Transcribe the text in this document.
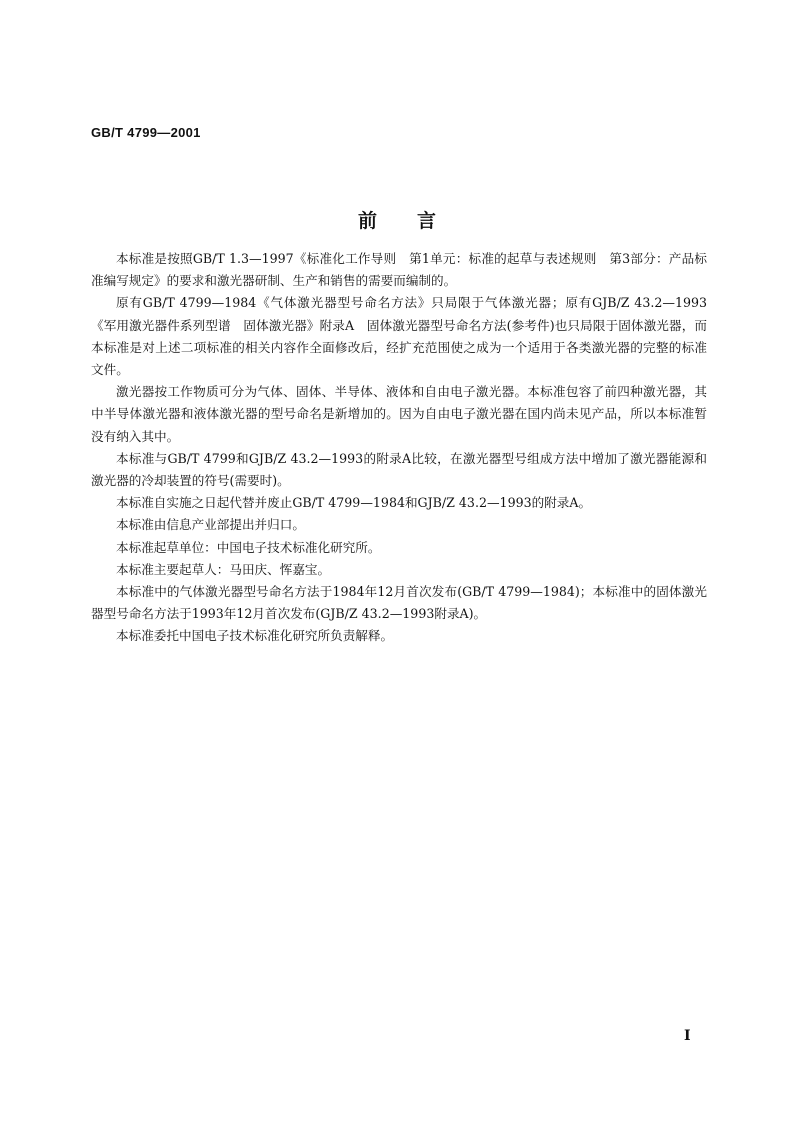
GB/T 4799—2001
前 言

本标准是按照GB/T 1.3—1997《标准化工作导则　第1单元：标准的起草与表述规则　第3部分：产品标准编写规定》的要求和激光器研制、生产和销售的需要而编制的。

原有GB/T 4799—1984《气体激光器型号命名方法》只局限于气体激光器；原有GJB/Z 43.2—1993《军用激光器件系列型谱　固体激光器》附录A　固体激光器型号命名方法(参考件)也只局限于固体激光器，而本标准是对上述二项标准的相关内容作全面修改后，经扩充范围使之成为一个适用于各类激光器的完整的标准文件。

激光器按工作物质可分为气体、固体、半导体、液体和自由电子激光器。本标准包容了前四种激光器，其中半导体激光器和液体激光器的型号命名是新增加的。因为自由电子激光器在国内尚未见产品，所以本标准暂没有纳入其中。

本标准与GB/T 4799和GJB/Z 43.2—1993的附录A比较，在激光器型号组成方法中增加了激光器能源和激光器的冷却装置的符号(需要时)。

本标准自实施之日起代替并废止GB/T 4799—1984和GJB/Z 43.2—1993的附录A。

本标准由信息产业部提出并归口。

本标准起草单位：中国电子技术标准化研究所。

本标准主要起草人：马田庆、恽嘉宝。

本标准中的气体激光器型号命名方法于1984年12月首次发布(GB/T 4799—1984)；本标准中的固体激光器型号命名方法于1993年12月首次发布(GJB/Z 43.2—1993附录A)。

本标准委托中国电子技术标准化研究所负责解释。

Ⅰ
